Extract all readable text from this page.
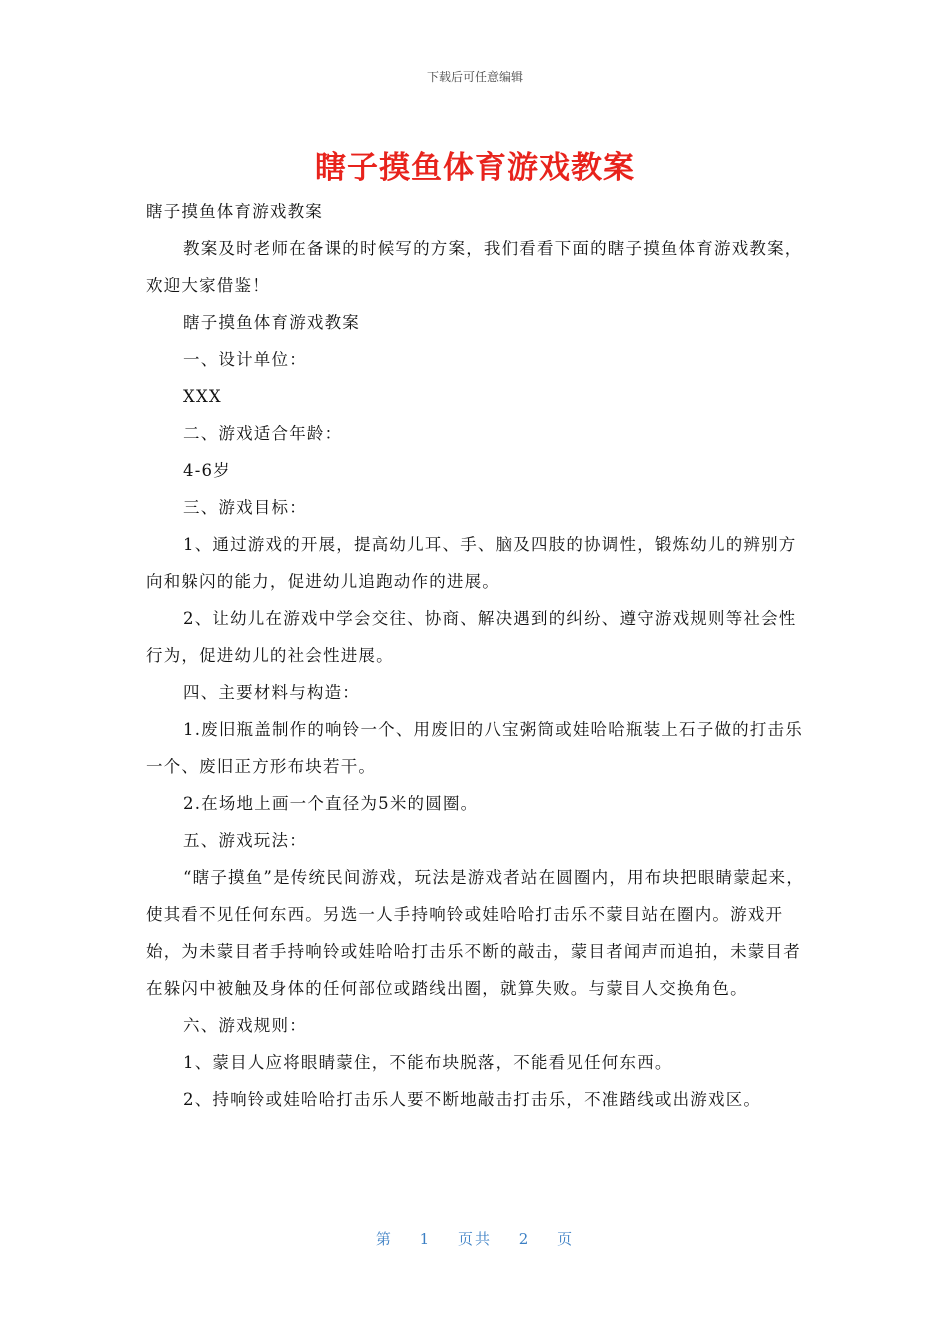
下载后可任意编辑
瞎子摸鱼体育游戏教案

瞎子摸鱼体育游戏教案

教案及时老师在备课的时候写的方案，我们看看下面的瞎子摸鱼体育游戏教案，欢迎大家借鉴！

瞎子摸鱼体育游戏教案

一、设计单位：

XXX

二、游戏适合年龄：

4-6岁

三、游戏目标：

1、通过游戏的开展，提高幼儿耳、手、脑及四肢的协调性，锻炼幼儿的辨别方向和躲闪的能力，促进幼儿追跑动作的进展。

2、让幼儿在游戏中学会交往、协商、解决遇到的纠纷、遵守游戏规则等社会性行为，促进幼儿的社会性进展。

四、主要材料与构造：

1.废旧瓶盖制作的响铃一个、用废旧的八宝粥筒或娃哈哈瓶装上石子做的打击乐一个、废旧正方形布块若干。

2.在场地上画一个直径为5米的圆圈。

五、游戏玩法：

“瞎子摸鱼”是传统民间游戏，玩法是游戏者站在圆圈内，用布块把眼睛蒙起来，使其看不见任何东西。另选一人手持响铃或娃哈哈打击乐不蒙目站在圈内。游戏开始，为未蒙目者手持响铃或娃哈哈打击乐不断的敲击，蒙目者闻声而追拍，未蒙目者在躲闪中被触及身体的任何部位或踏线出圈，就算失败。与蒙目人交换角色。

六、游戏规则：

1、蒙目人应将眼睛蒙住，不能布块脱落，不能看见任何东西。

2、持响铃或娃哈哈打击乐人要不断地敲击打击乐，不准踏线或出游戏区。

第 1 页共 2 页
